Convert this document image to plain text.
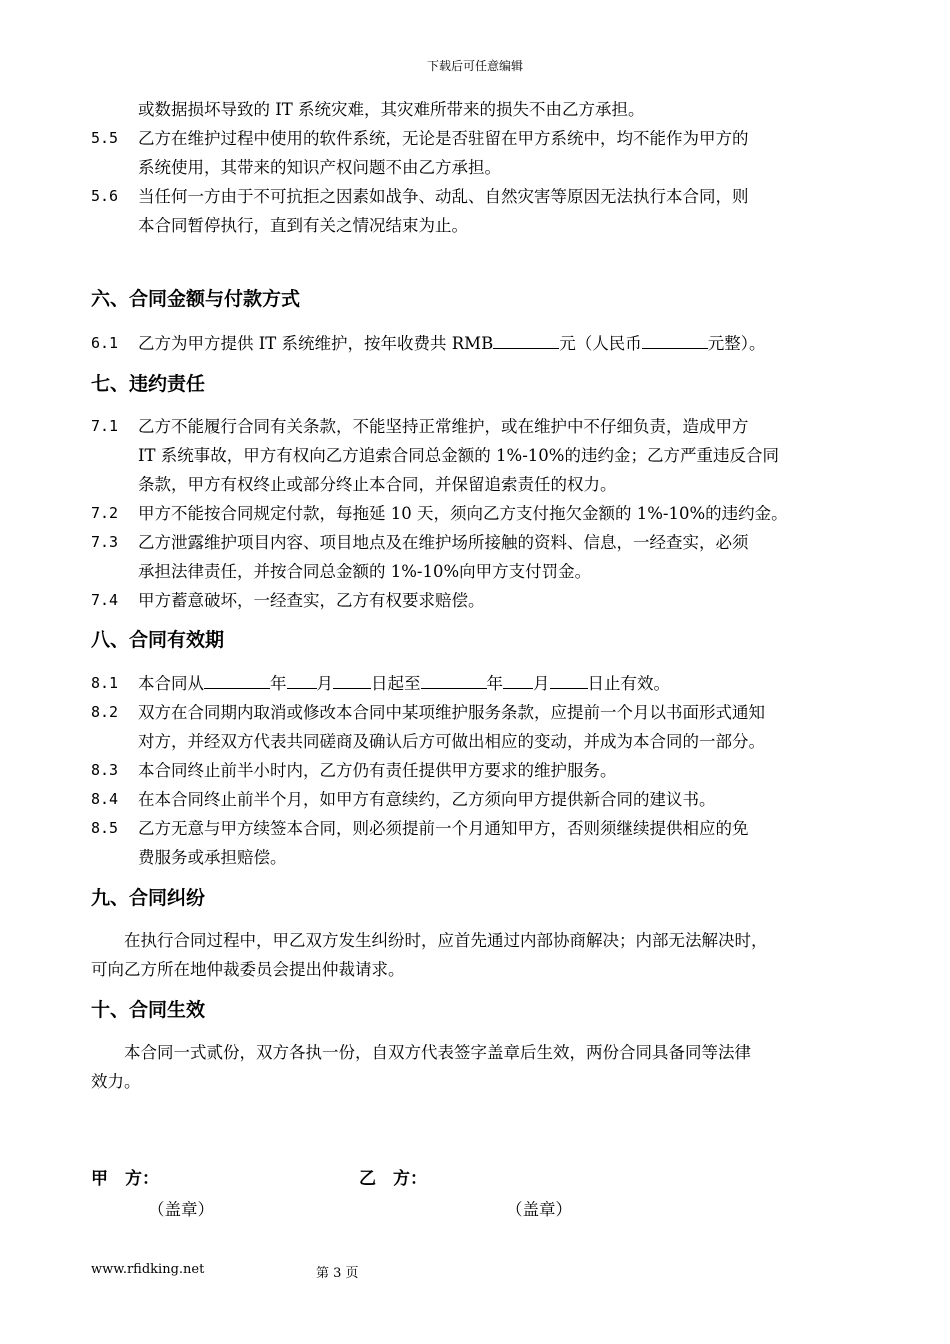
下载后可任意编辑
或数据损坏导致的 IT 系统灾难，其灾难所带来的损失不由乙方承担。
5.5 乙方在维护过程中使用的软件系统，无论是否驻留在甲方系统中，均不能作为甲方的
系统使用，其带来的知识产权问题不由乙方承担。
5.6 当任何一方由于不可抗拒之因素如战争、动乱、自然灾害等原因无法执行本合同，则
本合同暂停执行，直到有关之情况结束为止。
六、合同金额与付款方式
6.1 乙方为甲方提供 IT 系统维护，按年收费共 RMB	元（人民币	元整）。
七、违约责任
7.1 乙方不能履行合同有关条款，不能坚持正常维护，或在维护中不仔细负责，造成甲方
IT 系统事故，甲方有权向乙方追索合同总金额的 1%-10%的违约金；乙方严重违反合同
条款，甲方有权终止或部分终止本合同，并保留追索责任的权力。
7.2 甲方不能按合同规定付款，每拖延 10 天，须向乙方支付拖欠金额的 1%-10%的违约金。
7.3 乙方泄露维护项目内容、项目地点及在维护场所接触的资料、信息，一经查实，必须
承担法律责任，并按合同总金额的 1%-10%向甲方支付罚金。
7.4 甲方蓄意破坏，一经查实，乙方有权要求赔偿。
八、合同有效期
8.1 本合同从	年 月 日起至	年 月 日止有效。
8.2 双方在合同期内取消或修改本合同中某项维护服务条款，应提前一个月以书面形式通知
对方，并经双方代表共同磋商及确认后方可做出相应的变动，并成为本合同的一部分。
8.3 本合同终止前半小时内，乙方仍有责任提供甲方要求的维护服务。
8.4 在本合同终止前半个月，如甲方有意续约，乙方须向甲方提供新合同的建议书。
8.5 乙方无意与甲方续签本合同，则必须提前一个月通知甲方，否则须继续提供相应的免
费服务或承担赔偿。
九、合同纠纷
在执行合同过程中，甲乙双方发生纠纷时，应首先通过内部协商解决；内部无法解决时，
可向乙方所在地仲裁委员会提出仲裁请求。
十、合同生效
本合同一式贰份，双方各执一份，自双方代表签字盖章后生效，两份合同具备同等法律
效力。
甲　方：	乙　方：
（盖章）	（盖章）
www.rfidking.net	第 3 页
